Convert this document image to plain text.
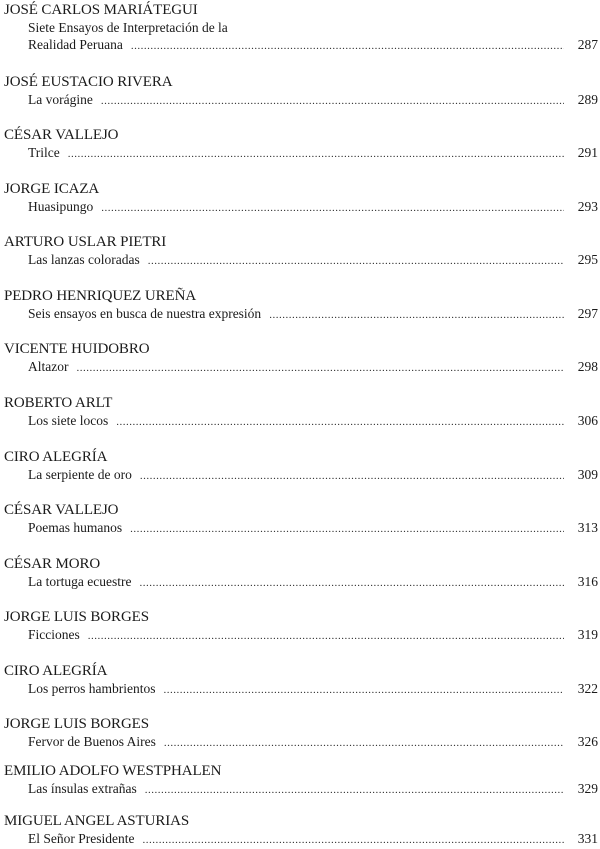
JOSÉ CARLOS MARIÁTEGUI
Siete Ensayos de Interpretación de la
Realidad Peruana .....	287
JOSÉ EUSTACIO RIVERA
La vorágine .....	289
CÉSAR VALLEJO
Trilce .....	291
JORGE ICAZA
Huasipungo .....	293
ARTURO USLAR PIETRI
Las lanzas coloradas .....	295
PEDRO HENRIQUEZ UREÑA
Seis ensayos en busca de nuestra expresión .....	297
VICENTE HUIDOBRO
Altazor .....	298
ROBERTO ARLT
Los siete locos .....	306
CIRO ALEGRÍA
La serpiente de oro .....	309
CÉSAR VALLEJO
Poemas humanos .....	313
CÉSAR MORO
La tortuga ecuestre .....	316
JORGE LUIS BORGES
Ficciones .....	319
CIRO ALEGRÍA
Los perros hambrientos .....	322
JORGE LUIS BORGES
Fervor de Buenos Aires .....	326
EMILIO ADOLFO WESTPHALEN
Las ínsulas extrañas .....	329
MIGUEL ANGEL ASTURIAS
El Señor Presidente .....	331
